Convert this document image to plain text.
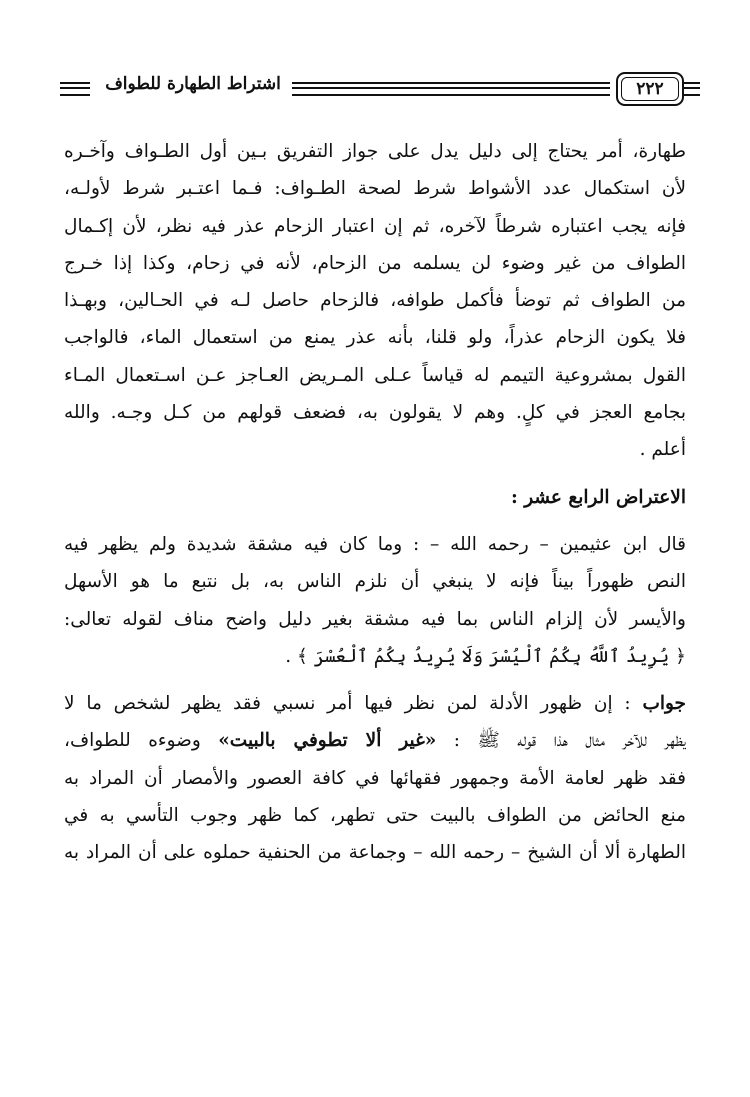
اشتراط الطهارة للطواف	٢٢٢
طهارة، أمر يحتاج إلى دليل يدل على جواز التفريق بـين أول الطـواف وآخـره
لأن استكمال عدد الأشواط شرط لصحة الطـواف: فـما اعتـبر شرط لأولـه،
فإنه يجب اعتباره شرطاً لآخره، ثم إن اعتبار الزحام عذر فيه نظر، لأن إكـمال
الطواف من غير وضوء لن يسلمه من الزحام، لأنه في زحام، وكذا إذا خـرج
من الطواف ثم توضأ فأكمل طوافه، فالزحام حاصل لـه في الحـالين، وبهـذا
فلا يكون الزحام عذراً، ولو قلنا، بأنه عذر يمنع من استعمال الماء، فالواجب
القول بمشروعية التيمم له قياساً عـلى المـريض العـاجز عـن اسـتعمال المـاء
بجامع العجز في كلٍ. وهم لا يقولون به، فضعف قولهم من كـل وجـه. والله
أعلم .
الاعتراض الرابع عشر :
قال ابن عثيمين – رحمه الله – : وما كان فيه مشقة شديدة ولم يظهر فيه
النص ظهوراً بيناً فإنه لا ينبغي أن نلزم الناس به، بل نتبع ما هو الأسهل
والأيسر لأن إلزام الناس بما فيه مشقة بغير دليل واضح مناف لقوله تعالى:
﴿ يُرِيدُ ٱللَّهُ بِكُمُ ٱلْيُسْرَ وَلَا يُرِيدُ بِكُمُ ٱلْعُسْرَ ﴾ .
جواب : إن ظهور الأدلة لمن نظر فيها أمر نسبي فقد يظهر لشخص ما لا
يظهر للآخر مثال هذا قوله ﷺ : «غير ألا تطوفي بالبيت» وضوءه للطواف،
فقد ظهر لعامة الأمة وجمهور فقهائها في كافة العصور والأمصار أن المراد به
منع الحائض من الطواف بالبيت حتى تطهر، كما ظهر وجوب التأسي به في
الطهارة ألا أن الشيخ – رحمه الله – وجماعة من الحنفية حملوه على أن المراد به
